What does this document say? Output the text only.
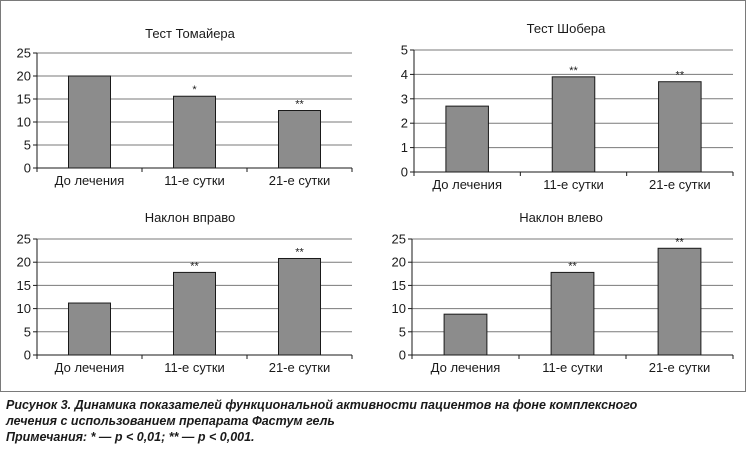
Тест Томайера
0
5
10
15
20
25
До лечения	11-е сутки
*
21-е сутки
**
Тест Шобера
0
1
2
3
4
5
До лечения	11-е сутки
**
21-е сутки
**
Наклон вправо
0
5
10
15
20
25
До лечения	11-е сутки
**
21-е сутки
**
Наклон влево
0
5
10
15
20
25
До лечения	11-е сутки
**
21-е сутки
**
Рисунок 3. Динамика показателей функциональной активности пациентов на фоне комплексного
лечения с использованием препарата Фастум гель
Примечания: * — p < 0,01; ** — p < 0,001.
